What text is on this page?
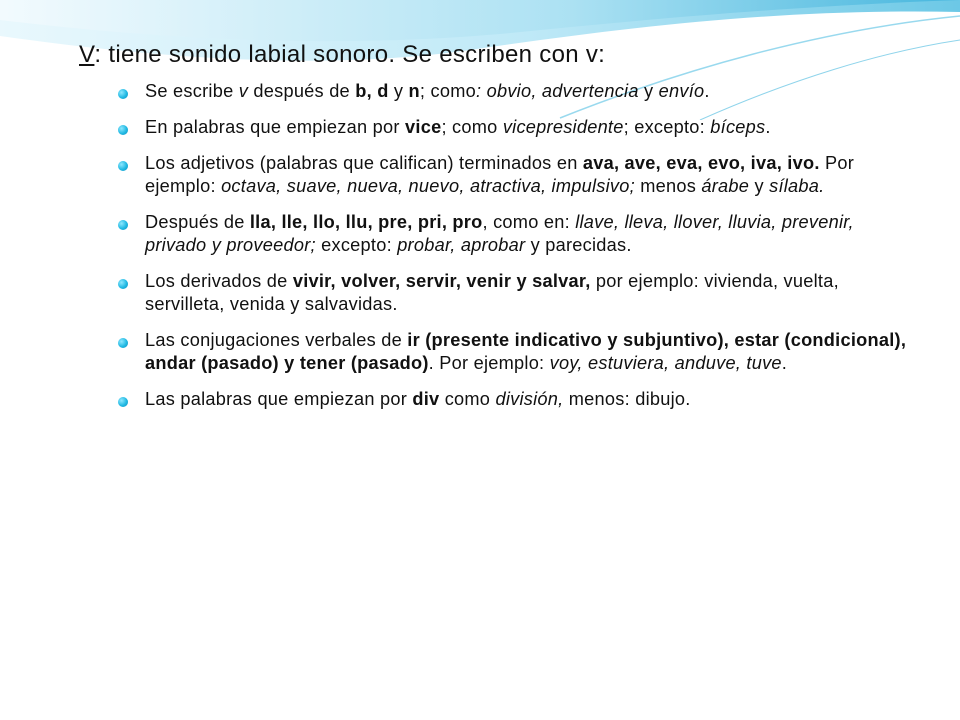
V: tiene sonido labial sonoro. Se escriben con v:
Se escribe v después de b, d y n; como: obvio, advertencia y envío.
En palabras que empiezan por vice; como vicepresidente; excepto: bíceps.
Los adjetivos (palabras que califican) terminados en ava, ave, eva, evo, iva, ivo. Por ejemplo: octava, suave, nueva, nuevo, atractiva, impulsivo; menos árabe y sílaba.
Después de lla, lle, llo, llu, pre, pri, pro, como en: llave, lleva, llover, lluvia, prevenir, privado y proveedor; excepto: probar, aprobar y parecidas.
Los derivados de vivir, volver, servir, venir y salvar, por ejemplo: vivienda, vuelta, servilleta, venida y salvavidas.
Las conjugaciones verbales de ir (presente indicativo y subjuntivo), estar (condicional), andar (pasado) y tener (pasado). Por ejemplo: voy, estuviera, anduve, tuve.
Las palabras que empiezan por div como división, menos: dibujo.
